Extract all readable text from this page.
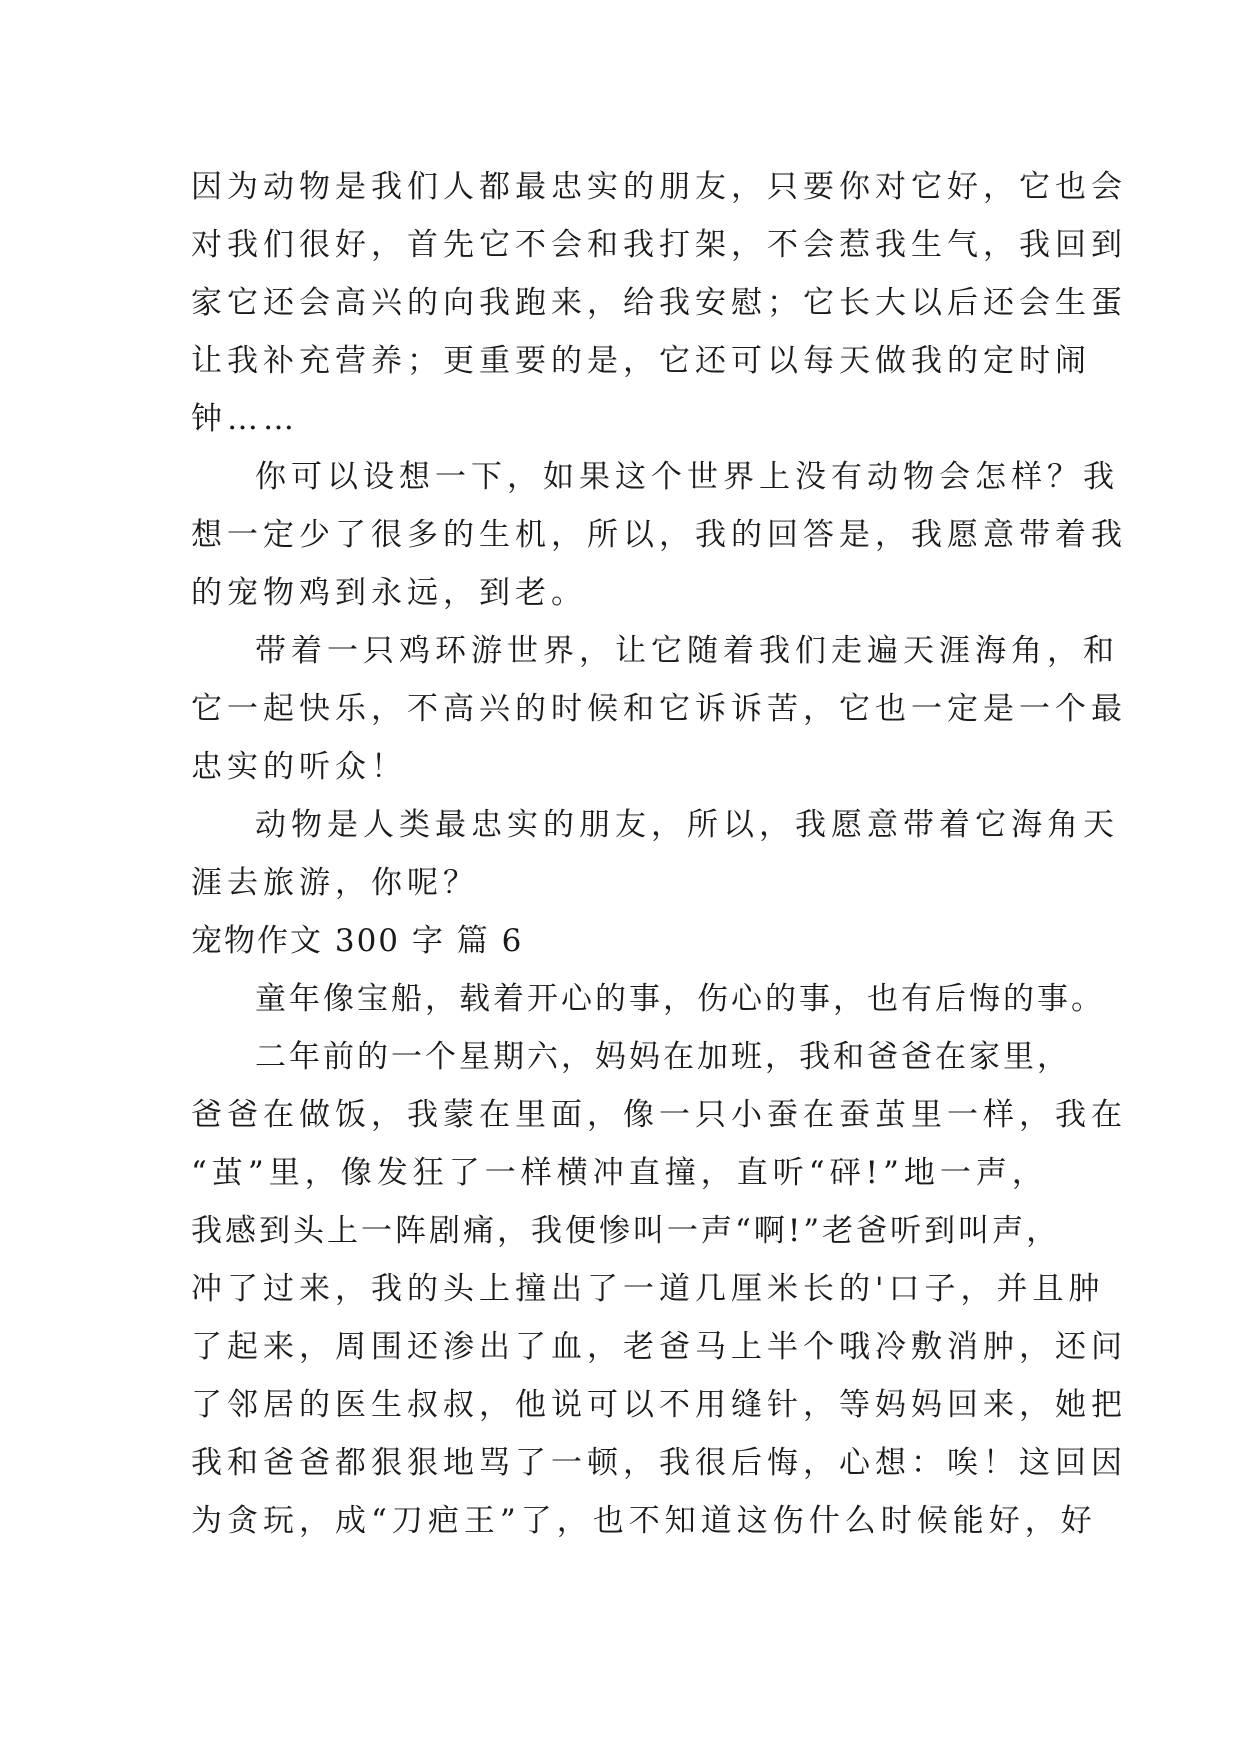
因为动物是我们人都最忠实的朋友，只要你对它好，它也会
对我们很好，首先它不会和我打架，不会惹我生气，我回到
家它还会高兴的向我跑来，给我安慰；它长大以后还会生蛋
让我补充营养；更重要的是，它还可以每天做我的定时闹
钟……
你可以设想一下，如果这个世界上没有动物会怎样？我
想一定少了很多的生机，所以，我的回答是，我愿意带着我
的宠物鸡到永远，到老。
带着一只鸡环游世界，让它随着我们走遍天涯海角，和
它一起快乐，不高兴的时候和它诉诉苦，它也一定是一个最
忠实的听众！
动物是人类最忠实的朋友，所以，我愿意带着它海角天
涯去旅游，你呢？
宠物作文 300 字 篇 6
童年像宝船，载着开心的事，伤心的事，也有后悔的事。
二年前的一个星期六，妈妈在加班，我和爸爸在家里，
爸爸在做饭，我蒙在里面，像一只小蚕在蚕茧里一样，我在
“茧”里，像发狂了一样横冲直撞，直听“砰!”地一声，
我感到头上一阵剧痛，我便惨叫一声“啊!”老爸听到叫声，
冲了过来，我的头上撞出了一道几厘米长的'口子，并且肿
了起来，周围还渗出了血，老爸马上半个哦冷敷消肿，还问
了邻居的医生叔叔，他说可以不用缝针，等妈妈回来，她把
我和爸爸都狠狠地骂了一顿，我很后悔，心想：唉！这回因
为贪玩，成“刀疤王”了，也不知道这伤什么时候能好，好
